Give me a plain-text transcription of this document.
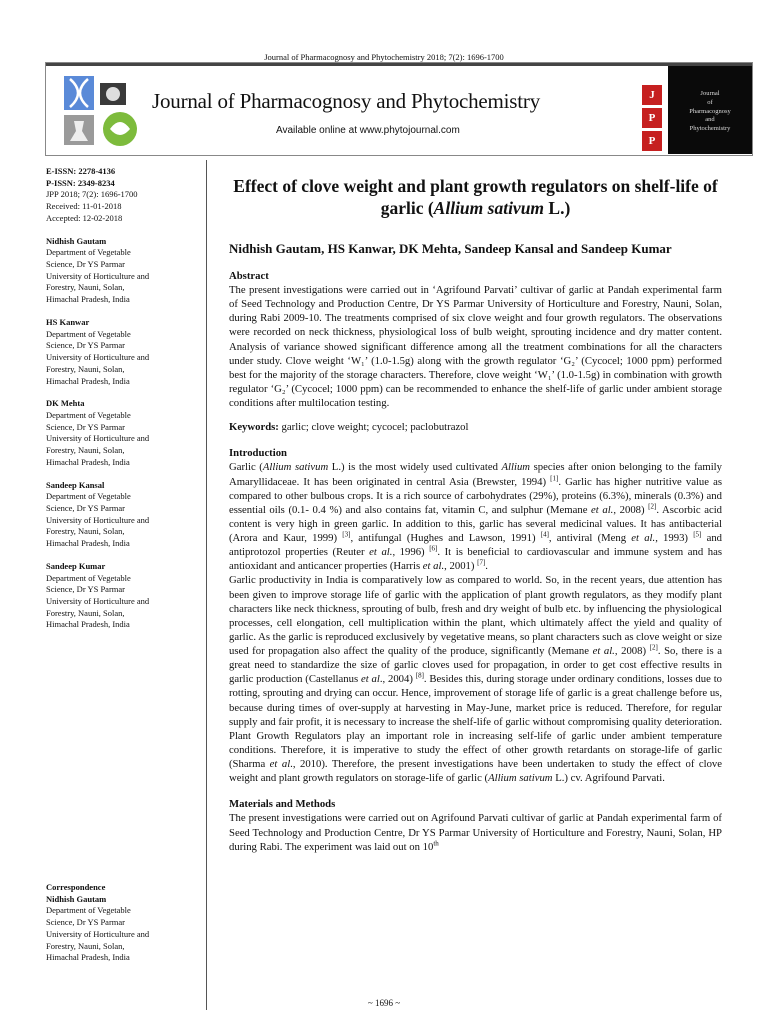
Journal of Pharmacognosy and Phytochemistry 2018; 7(2): 1696-1700
Journal of Pharmacognosy and Phytochemistry
Available online at www.phytojournal.com
J
P
P
Journal
of
Pharmacognosy
and
Phytochemistry
E-ISSN: 2278-4136
P-ISSN: 2349-8234
JPP 2018; 7(2): 1696-1700
Received: 11-01-2018
Accepted: 12-02-2018
Nidhish Gautam
Department of Vegetable
Science, Dr YS Parmar
University of Horticulture and
Forestry, Nauni, Solan,
Himachal Pradesh, India
HS Kanwar
Department of Vegetable
Science, Dr YS Parmar
University of Horticulture and
Forestry, Nauni, Solan,
Himachal Pradesh, India
DK Mehta
Department of Vegetable
Science, Dr YS Parmar
University of Horticulture and
Forestry, Nauni, Solan,
Himachal Pradesh, India
Sandeep Kansal
Department of Vegetable
Science, Dr YS Parmar
University of Horticulture and
Forestry, Nauni, Solan,
Himachal Pradesh, India
Sandeep Kumar
Department of Vegetable
Science, Dr YS Parmar
University of Horticulture and
Forestry, Nauni, Solan,
Himachal Pradesh, India
Correspondence
Nidhish Gautam
Department of Vegetable
Science, Dr YS Parmar
University of Horticulture and
Forestry, Nauni, Solan,
Himachal Pradesh, India
Effect of clove weight and plant growth regulators on shelf-life of garlic (Allium sativum L.)
Nidhish Gautam, HS Kanwar, DK Mehta, Sandeep Kansal and Sandeep Kumar
Abstract

The present investigations were carried out in ‘Agrifound Parvati’ cultivar of garlic at Pandah experimental farm of Seed Technology and Production Centre, Dr YS Parmar University of Horticulture and Forestry, Nauni, Solan, during Rabi 2009-10. The treatments comprised of six clove weight and four growth regulators. The observations were recorded on neck thickness, physiological loss of bulb weight, sprouting incidence and dry matter content. Analysis of variance showed significant difference among all the treatment combinations for all the characters under study. Clove weight ‘W₁’ (1.0-1.5g) along with the growth regulator ‘G₂’ (Cycocel; 1000 ppm) performed best for the majority of the storage characters. Therefore, clove weight ‘W₁’ (1.0-1.5g) in combination with growth regulator ‘G₂’ (Cycocel; 1000 ppm) can be recommended to enhance the shelf-life of garlic under ambient storage conditions after multilocation testing.

Keywords: garlic; clove weight; cycocel; paclobutrazol

Introduction

Garlic (Allium sativum L.) is the most widely used cultivated Allium species after onion belonging to the family Amaryllidaceae. It has been originated in central Asia (Brewster, 1994) [1]. Garlic has higher nutritive value as compared to other bulbous crops. It is a rich source of carbohydrates (29%), proteins (6.3%), minerals (0.3%) and essential oils (0.1- 0.4 %) and also contains fat, vitamin C, and sulphur (Memane et al., 2008) [2]. Ascorbic acid content is very high in green garlic. In addition to this, garlic has several medicinal values. It has antibacterial (Arora and Kaur, 1999) [3], antifungal (Hughes and Lawson, 1991) [4], antiviral (Meng et al., 1993) [5] and antiprotozol properties (Reuter et al., 1996) [6]. It is beneficial to cardiovascular and immune system and has antioxidant and anticancer properties (Harris et al., 2001) [7].

Garlic productivity in India is comparatively low as compared to world. So, in the recent years, due attention has been given to improve storage life of garlic with the application of plant growth regulators, as they modify plant characters like neck thickness, sprouting of bulb, fresh and dry weight of bulb etc. by influencing the physiological processes, cell elongation, cell multiplication within the plant, which ultimately affect the yield and quality of garlic. As the garlic is reproduced exclusively by vegetative means, so plant characters such as clove weight or size used for propagation also affect the quality of the produce, significantly (Memane et al., 2008) [2]. So, there is a great need to standardize the size of garlic cloves used for propagation, in order to get cost effective results in garlic production (Castellanus et al., 2004) [8]. Besides this, during storage under ordinary conditions, losses due to rotting, sprouting and drying can occur. Hence, improvement of storage life of garlic is a great challenge before us, because during times of over-supply at harvesting in May-June, market price is reduced. Therefore, for regular supply and fair profit, it is necessary to increase the shelf-life of garlic without compromising quality deterioration. Plant Growth Regulators play an important role in increasing self-life of garlic under ambient temperature conditions. Therefore, it is imperative to study the effect of other growth retardants on storage-life of garlic (Sharma et al., 2010). Therefore, the present investigations have been undertaken to study the effect of clove weight and plant growth regulators on storage-life of garlic (Allium sativum L.) cv. Agrifound Parvati.

Materials and Methods

The present investigations were carried out on Agrifound Parvati cultivar of garlic at Pandah experimental farm of Seed Technology and Production Centre, Dr YS Parmar University of Horticulture and Forestry, Nauni, Solan, HP during Rabi. The experiment was laid out on 10th

~ 1696 ~
